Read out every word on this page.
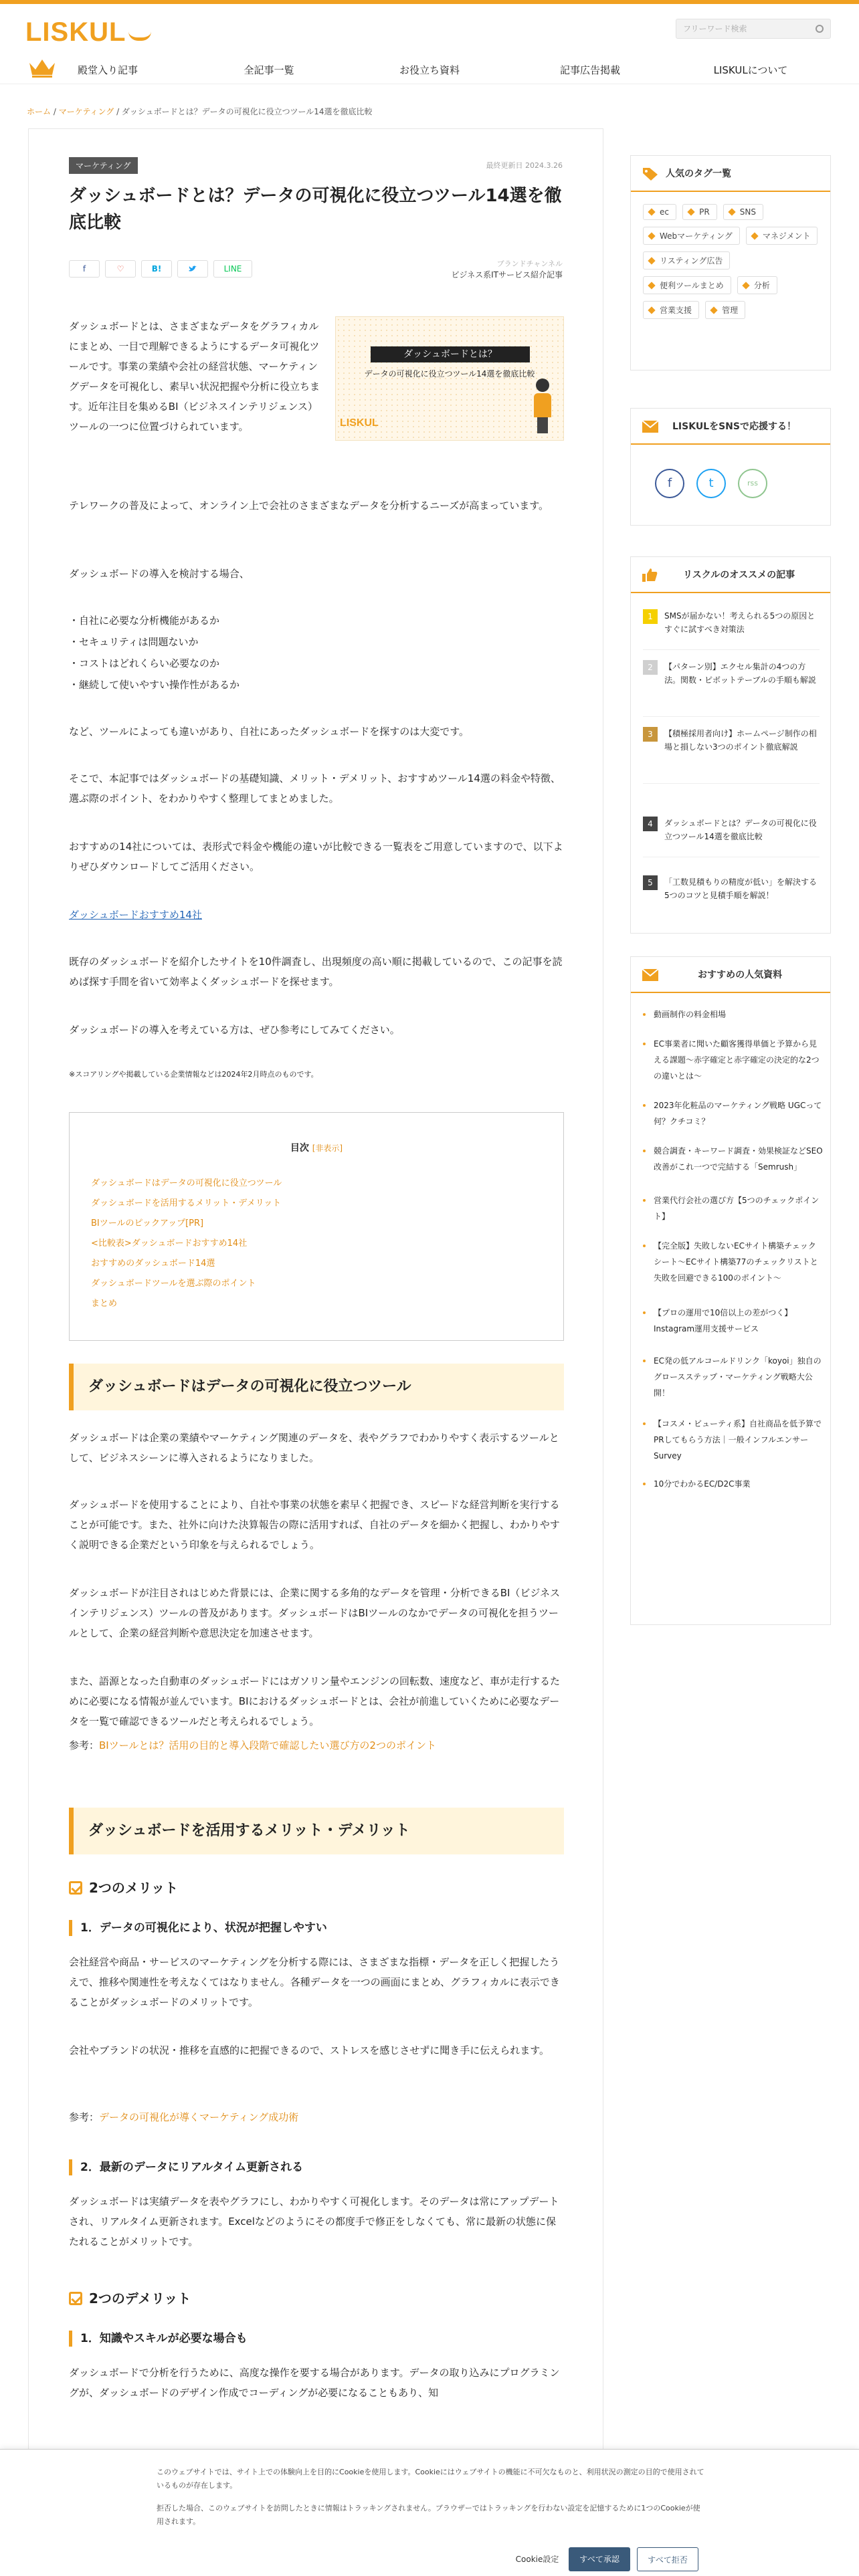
LISKUL	フリーワード検索
殿堂入り記事	全記事一覧	お役立ち資料	記事広告掲載	LISKULについて
ホーム / マーケティング / ダッシュボードとは？データの可視化に役立つツール14選を徹底比較
マーケティング	最終更新日 2024.3.26
ダッシュボードとは？データの可視化に役立つツール14選を徹底比較
f	♡	B!	LINE
ブランドチャンネル
ビジネス系ITサービス紹介記事

ダッシュボードとは、さまざまなデータをグラフィカルにまとめ、一目で理解できるようにするデータ可視化ツールです。事業の業績や会社の経営状態、マーケティングデータを可視化し、素早い状況把握や分析に役立ちます。近年注目を集めるBI（ビジネスインテリジェンス）ツールの一つに位置づけられています。

ダッシュボードとは？
データの可視化に役立つツール14選を徹底比較
LISKUL

テレワークの普及によって、オンライン上で会社のさまざまなデータを分析するニーズが高まっています。

ダッシュボードの導入を検討する場合、

・自社に必要な分析機能があるか

・セキュリティは問題ないか

・コストはどれくらい必要なのか

・継続して使いやすい操作性があるか

など、ツールによっても違いがあり、自社にあったダッシュボードを探すのは大変です。

そこで、本記事ではダッシュボードの基礎知識、メリット・デメリット、おすすめツール14選の料金や特徴、選ぶ際のポイント、をわかりやすく整理してまとめました。

おすすめの14社については、表形式で料金や機能の違いが比較できる一覧表をご用意していますので、以下よりぜひダウンロードしてご活用ください。

ダッシュボードおすすめ14社

既存のダッシュボードを紹介したサイトを10件調査し、出現頻度の高い順に掲載しているので、この記事を読めば探す手間を省いて効率よくダッシュボードを探せます。

ダッシュボードの導入を考えている方は、ぜひ参考にしてみてください。

※スコアリングや掲載している企業情報などは2024年2月時点のものです。

目次 [非表示]
ダッシュボードはデータの可視化に役立つツール
ダッシュボードを活用するメリット・デメリット
BIツールのピックアップ[PR]
<比較表>ダッシュボードおすすめ14社
おすすめのダッシュボード14選
ダッシュボードツールを選ぶ際のポイント
まとめ
ダッシュボードはデータの可視化に役立つツール

ダッシュボードは企業の業績やマーケティング関連のデータを、表やグラフでわかりやすく表示するツールとして、ビジネスシーンに導入されるようになりました。

ダッシュボードを使用することにより、自社や事業の状態を素早く把握でき、スピードな経営判断を実行することが可能です。また、社外に向けた決算報告の際に活用すれば、自社のデータを細かく把握し、わかりやすく説明できる企業だという印象を与えられるでしょう。

ダッシュボードが注目されはじめた背景には、企業に関する多角的なデータを管理・分析できるBI（ビジネスインテリジェンス）ツールの普及があります。ダッシュボードはBIツールのなかでデータの可視化を担うツールとして、企業の経営判断や意思決定を加速させます。

また、語源となった自動車のダッシュボードにはガソリン量やエンジンの回転数、速度など、車が走行するために必要になる情報が並んでいます。BIにおけるダッシュボードとは、会社が前進していくために必要なデータを一覧で確認できるツールだと考えられるでしょう。

参考：BIツールとは？活用の目的と導入段階で確認したい選び方の2つのポイント

ダッシュボードを活用するメリット・デメリット
2つのメリット
1．データの可視化により、状況が把握しやすい

会社経営や商品・サービスのマーケティングを分析する際には、さまざまな指標・データを正しく把握したうえで、推移や関連性を考えなくてはなりません。各種データを一つの画面にまとめ、グラフィカルに表示できることがダッシュボードのメリットです。

会社やブランドの状況・推移を直感的に把握できるので、ストレスを感じさせずに聞き手に伝えられます。

参考：データの可視化が導くマーケティング成功術

2．最新のデータにリアルタイム更新される

ダッシュボードは実績データを表やグラフにし、わかりやすく可視化します。そのデータは常にアップデートされ、リアルタイム更新されます。Excelなどのようにその都度手で修正をしなくても、常に最新の状態に保たれることがメリットです。

2つのデメリット
1．知識やスキルが必要な場合も

ダッシュボードで分析を行うために、高度な操作を要する場合があります。データの取り込みにプログラミングが、ダッシュボードのデザイン作成でコーディングが必要になることもあり、知

人気のタグ一覧
ec	PR	SNS Webマーケティング	マネジメント リスティング広告 便利ツールまとめ	分析 営業支援	管理
LISKULをSNSで応援する！
f	t	rss
リスクルのオススメの記事
1	SMSが届かない！考えられる5つの原因とすぐに試すべき対策法
2	【パターン別】エクセル集計の4つの方法。関数・ピボットテーブルの手順も解説
3	【積極採用者向け】ホームページ制作の相場と損しない3つのポイント徹底解説
4	ダッシュボードとは？データの可視化に役立つツール14選を徹底比較
5	「工数見積もりの精度が低い」を解決する5つのコツと見積手順を解説！
おすすめの人気資料
動画制作の料金相場
EC事業者に聞いた顧客獲得単価と予算から見える課題〜赤字確定と赤字確定の決定的な2つの違いとは〜
2023年化粧品のマーケティング戦略 UGCって何？クチコミ？
競合調査・キーワード調査・効果検証などSEO改善がこれ一つで完結する「Semrush」
営業代行会社の選び方【5つのチェックポイント】
【完全版】失敗しないECサイト構築チェックシート〜ECサイト構築77のチェックリストと失敗を回避できる100のポイント〜
【プロの運用で10倍以上の差がつく】Instagram運用支援サービス
EC発の低アルコールドリンク「koyoi」独自のグロースステップ・マーケティング戦略大公開！
【コスメ・ビューティ系】自社商品を低予算でPRしてもらう方法｜一般インフルエンサーSurvey
10分でわかるEC/D2C事業
このウェブサイトでは、サイト上での体験向上を目的にCookieを使用します。Cookieにはウェブサイトの機能に不可欠なものと、利用状況の測定の目的で使用されているものが存在します。
拒否した場合、このウェブサイトを訪問したときに情報はトラッキングされません。ブラウザーではトラッキングを行わない設定を記憶するために1つのCookieが使用されます。
Cookie設定	すべて承認	すべて拒否
